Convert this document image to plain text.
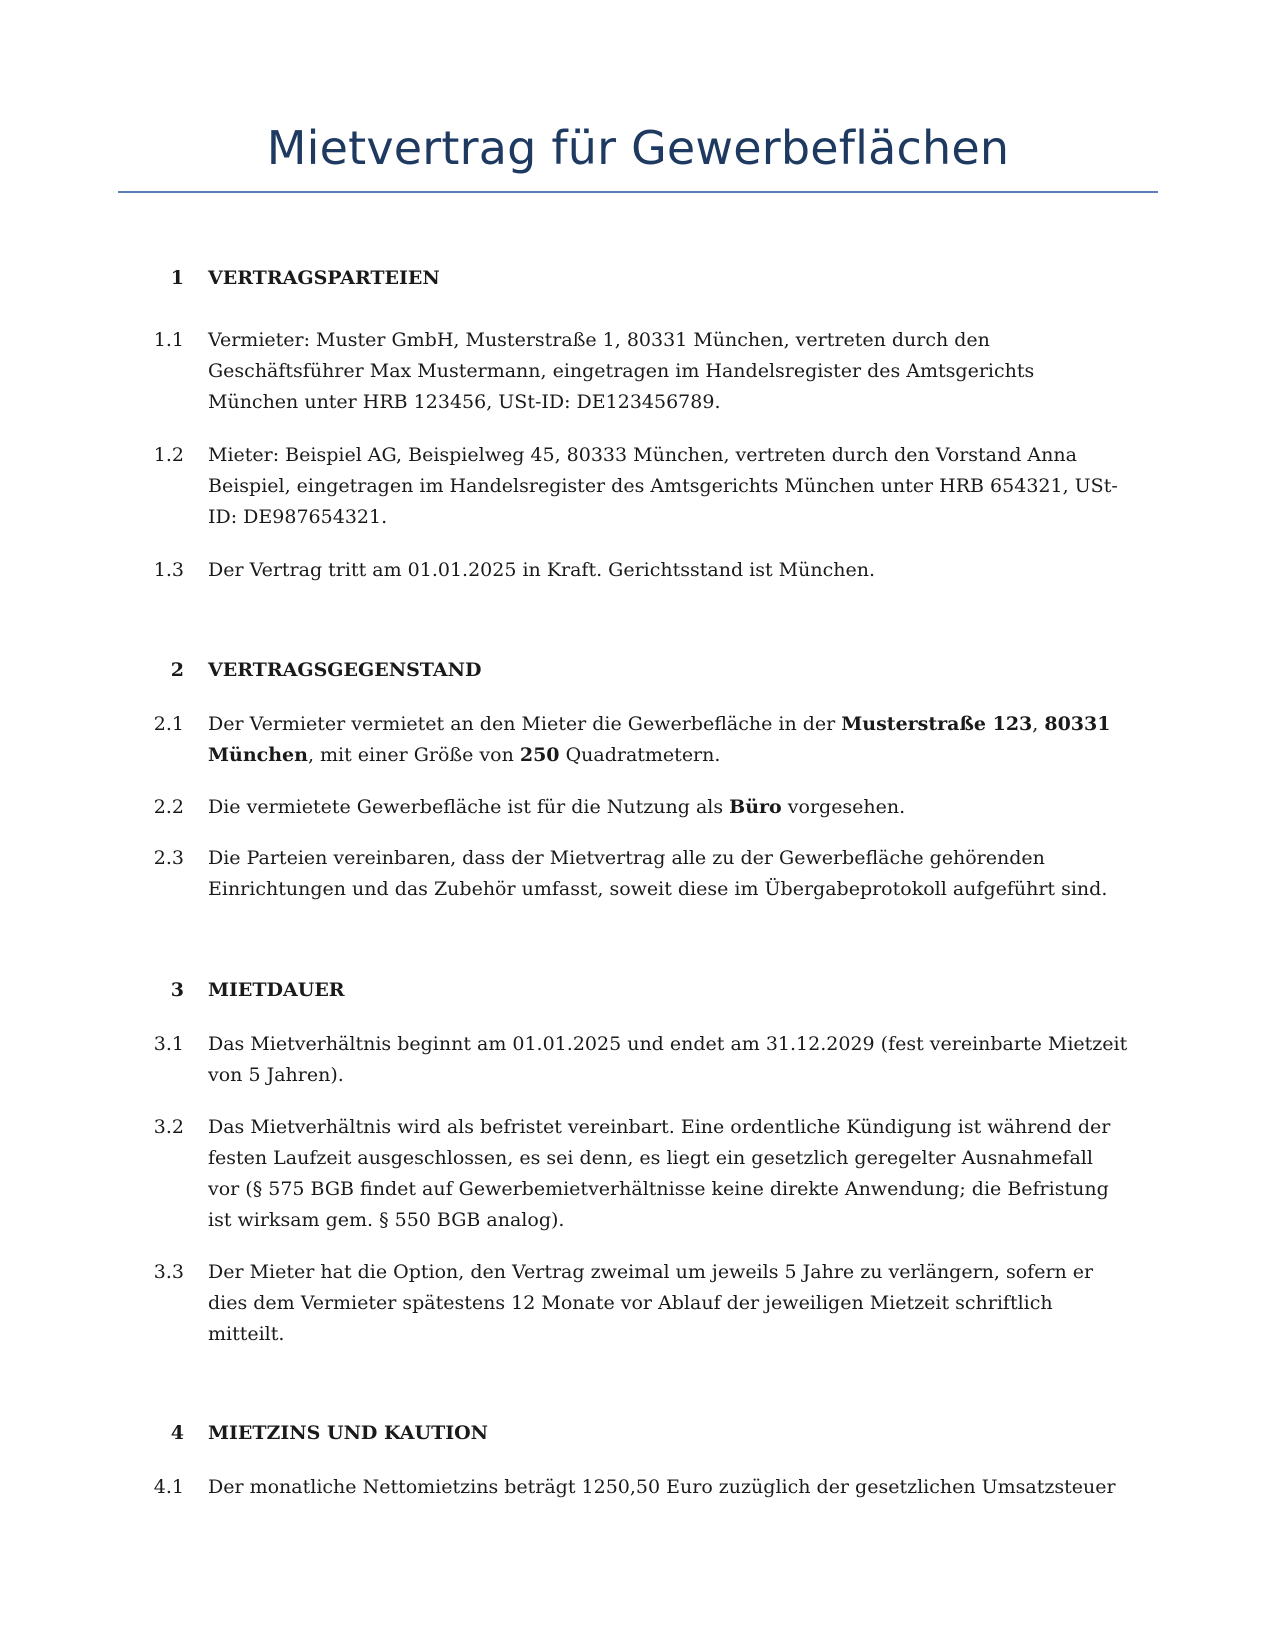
Mietvertrag für Gewerbeflächen
1 VERTRAGSPARTEIEN
1.1 Vermieter: Muster GmbH, Musterstraße 1, 80331 München, vertreten durch den Geschäftsführer Max Mustermann, eingetragen im Handelsregister des Amtsgerichts München unter HRB 123456, USt-ID: DE123456789.
1.2 Mieter: Beispiel AG, Beispielweg 45, 80333 München, vertreten durch den Vorstand Anna Beispiel, eingetragen im Handelsregister des Amtsgerichts München unter HRB 654321, USt-ID: DE987654321.
1.3 Der Vertrag tritt am 01.01.2025 in Kraft. Gerichtsstand ist München.
2 VERTRAGSGEGENSTAND
2.1 Der Vermieter vermietet an den Mieter die Gewerbefläche in der Musterstraße 123, 80331 München, mit einer Größe von 250 Quadratmetern.
2.2 Die vermietete Gewerbefläche ist für die Nutzung als Büro vorgesehen.
2.3 Die Parteien vereinbaren, dass der Mietvertrag alle zu der Gewerbefläche gehörenden Einrichtungen und das Zubehör umfasst, soweit diese im Übergabeprotokoll aufgeführt sind.
3 MIETDAUER
3.1 Das Mietverhältnis beginnt am 01.01.2025 und endet am 31.12.2029 (fest vereinbarte Mietzeit von 5 Jahren).
3.2 Das Mietverhältnis wird als befristet vereinbart. Eine ordentliche Kündigung ist während der festen Laufzeit ausgeschlossen, es sei denn, es liegt ein gesetzlich geregelter Ausnahmefall vor (§ 575 BGB findet auf Gewerbemietverhältnisse keine direkte Anwendung; die Befristung ist wirksam gem. § 550 BGB analog).
3.3 Der Mieter hat die Option, den Vertrag zweimal um jeweils 5 Jahre zu verlängern, sofern er dies dem Vermieter spätestens 12 Monate vor Ablauf der jeweiligen Mietzeit schriftlich mitteilt.
4 MIETZINS UND KAUTION
4.1 Der monatliche Nettomietzins beträgt 1250,50 Euro zuzüglich der gesetzlichen Umsatzsteuer
